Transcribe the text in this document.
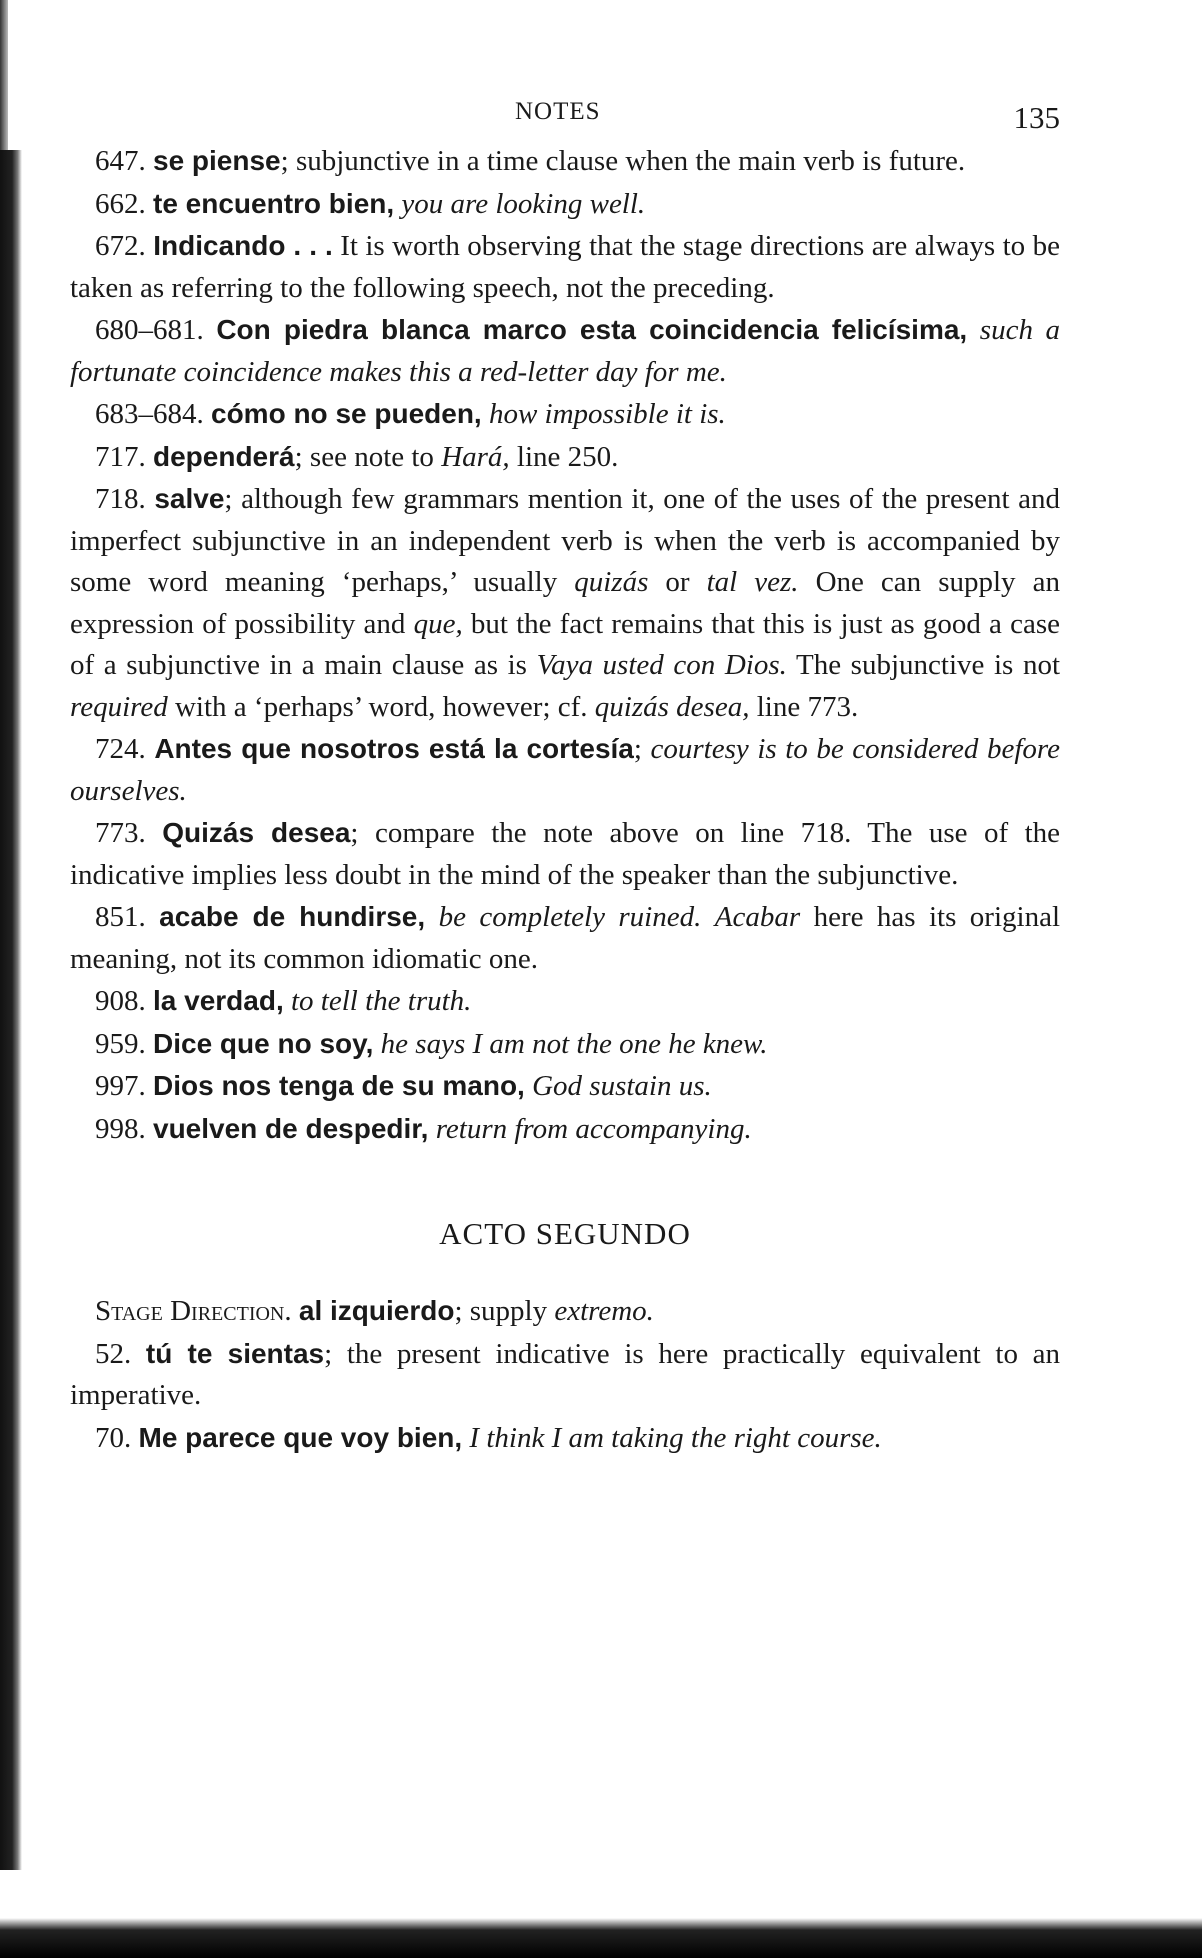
NOTES	135

647. se piense; subjunctive in a time clause when the main verb is future.

662. te encuentro bien, you are looking well.

672. Indicando . . . It is worth observing that the stage directions are always to be taken as referring to the following speech, not the preceding.

680–681. Con piedra blanca marco esta coincidencia felicísima, such a fortunate coincidence makes this a red-letter day for me.

683–684. cómo no se pueden, how impossible it is.

717. dependerá; see note to Hará, line 250.

718. salve; although few grammars mention it, one of the uses of the present and imperfect subjunctive in an independent verb is when the verb is accompanied by some word meaning ‘perhaps,’ usually quizás or tal vez. One can supply an expression of possibility and que, but the fact remains that this is just as good a case of a subjunctive in a main clause as is Vaya usted con Dios. The subjunctive is not required with a ‘perhaps’ word, however; cf. quizás desea, line 773.

724. Antes que nosotros está la cortesía; courtesy is to be considered before ourselves.

773. Quizás desea; compare the note above on line 718. The use of the indicative implies less doubt in the mind of the speaker than the subjunctive.

851. acabe de hundirse, be completely ruined. Acabar here has its original meaning, not its common idiomatic one.

908. la verdad, to tell the truth.

959. Dice que no soy, he says I am not the one he knew.

997. Dios nos tenga de su mano, God sustain us.

998. vuelven de despedir, return from accompanying.

ACTO SEGUNDO

Stage Direction. al izquierdo; supply extremo.

52. tú te sientas; the present indicative is here practically equivalent to an imperative.

70. Me parece que voy bien, I think I am taking the right course.
